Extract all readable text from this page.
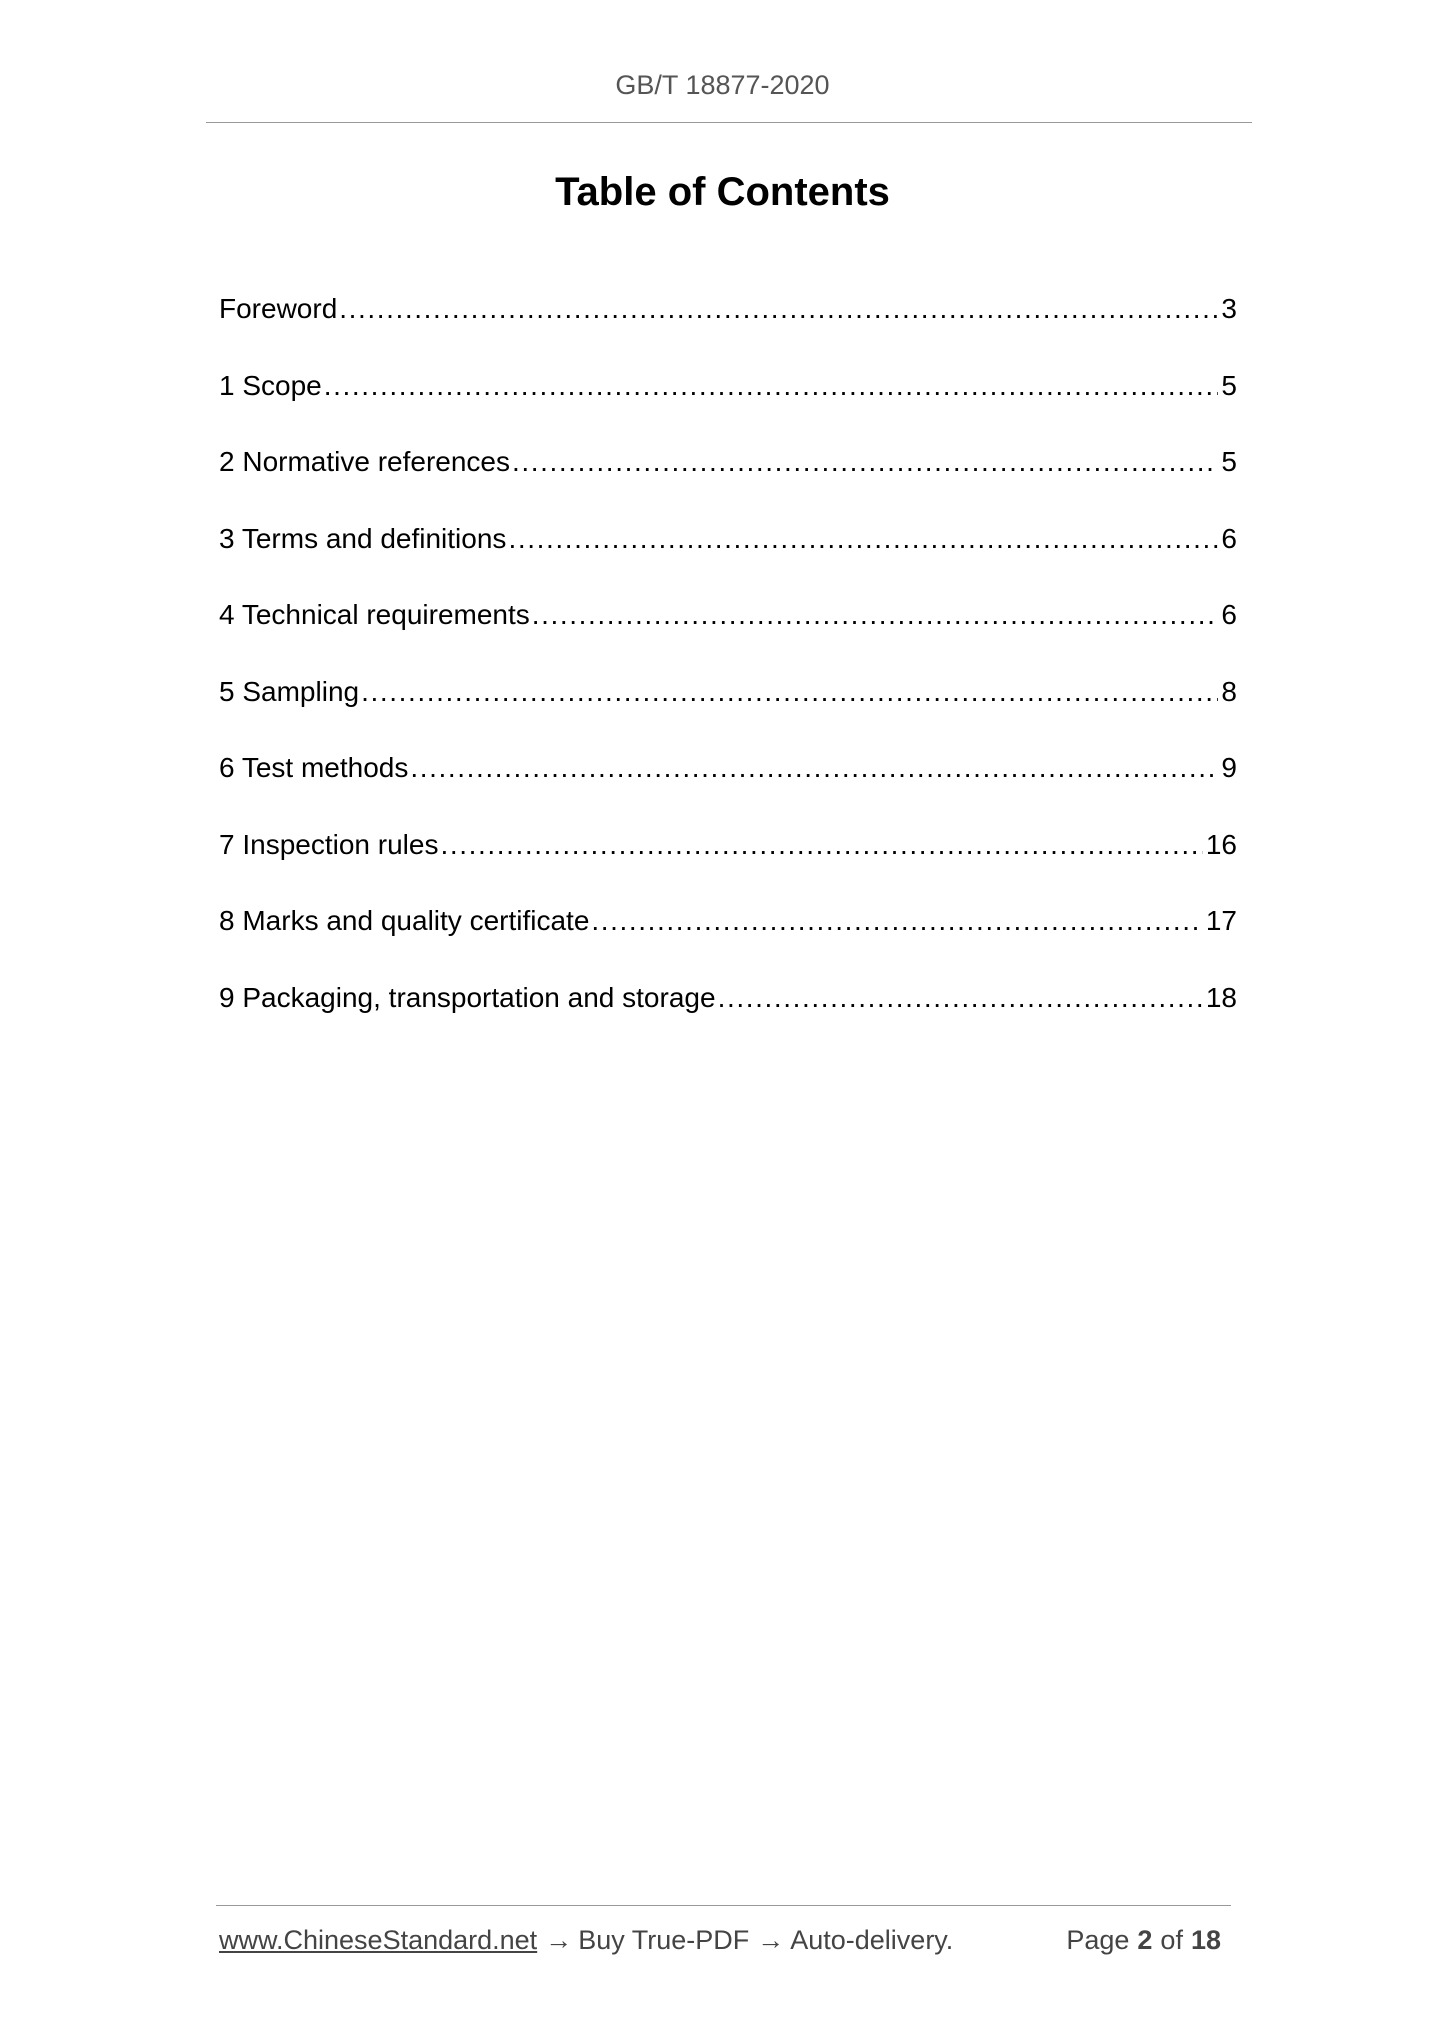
GB/T 18877-2020
Table of Contents
Foreword .....	3
1 Scope .....	5
2 Normative references .....	5
3 Terms and definitions .....	6
4 Technical requirements .....	6
5 Sampling .....	8
6 Test methods .....	9
7 Inspection rules .....	16
8 Marks and quality certificate .....	17
9 Packaging, transportation and storage .....	18
www.ChineseStandard.net → Buy True-PDF → Auto-delivery.	Page 2 of 18
